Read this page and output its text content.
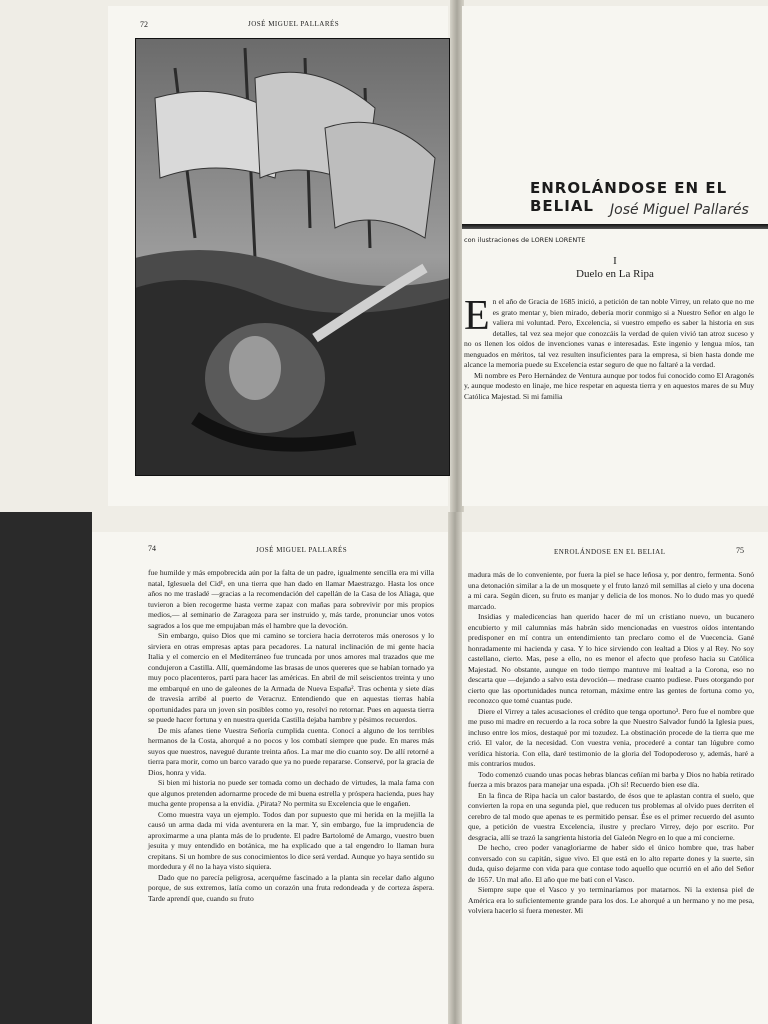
JOSÉ MIGUEL PALLARÉS
72
ENROLÁNDOSE EN EL BELIAL	José Miguel Pallarés
con ilustraciones de LOREN LORENTE
I
Duelo en La Ripa

En el año de Gracia de 1685 inició, a petición de tan noble Virrey, un relato que no me es grato mentar y, bien mirado, debería morir conmigo si a Nuestro Señor en algo le valiera mi voluntad. Pero, Excelencia, si vuestro empeño es saber la historia en sus detalles, tal vez sea mejor que conozcáis la verdad de quien vivió tan atroz suceso y no os llenen los oídos de invenciones vanas e interesadas. Este ingenio y lengua míos, tan menguados en méritos, tal vez resulten insuficientes para la empresa, si bien hasta donde me alcance la memoria puede su Excelencia estar seguro de que no faltaré a la verdad.

Mi nombre es Pero Hernández de Ventura aunque por todos fui conocido como El Aragonés y, aunque modesto en linaje, me hice respetar en aquesta tierra y en aquestos mares de su Muy Católica Majestad. Si mi familia

74	JOSÉ MIGUEL PALLARÉS

fue humilde y más empobrecida aún por la falta de un padre, igualmente sencilla era mi villa natal, Iglesuela del Cid¹, en una tierra que han dado en llamar Maestrazgo. Hasta los once años no me trasladé —gracias a la recomendación del capellán de la Casa de los Aliaga, que tuvieron a bien recogerme hasta verme zapaz con mañas para sobrevivir por mis propios medios,— al seminario de Zaragoza para ser instruido y, más tarde, pronunciar unos votos sagrados a los que me empujaban más el hambre que la devoción.

Sin embargo, quiso Dios que mi camino se torciera hacia derroteros más onerosos y lo sirviera en otras empresas aptas para pecadores. La natural inclinación de mi gente hacia Italia y el comercio en el Mediterráneo fue truncada por unos amores mal trazados que me condujeron a Castilla. Allí, quemándome las brasas de unos quereres que se habían tornado ya muy poco placenteros, partí para hacer las américas. En abril de mil seiscientos treinta y uno me embarqué en uno de galeones de la Armada de Nueva España². Tras ochenta y siete días de travesía arribé al puerto de Veracruz. Entendiendo que en aquestas tierras había oportunidades para un joven sin posibles como yo, resolví no retornar. Pues en aquesta tierra se puede hacer fortuna y en nuestra querida Castilla dejaba hambre y pésimos recuerdos.

De mis afanes tiene Vuestra Señoría cumplida cuenta. Conocí a alguno de los terribles hermanos de la Costa, ahorqué a no pocos y los combatí siempre que pude. En mares más suyos que nuestros, navegué durante treinta años. La mar me dio cuanto soy. De allí retorné a tierra para morir, como un barco varado que ya no puede repararse. Conservé, por la gracia de Dios, honra y vida.

Si bien mi historia no puede ser tomada como un dechado de virtudes, la mala fama con que algunos pretenden adornarme procede de mi buena estrella y próspera hacienda, pues hay mucha gente propensa a la envidia. ¿Pirata? No permita su Excelencia que le engañen.

Como muestra vaya un ejemplo. Todos dan por supuesto que mi herida en la mejilla la causó un arma dada mi vida aventurera en la mar. Y, sin embargo, fue la imprudencia de aproximarme a una planta más de lo prudente. El padre Bartolomé de Amargo, vuestro buen jesuita y muy entendido en botánica, me ha explicado que a tal engendro lo llaman hura crepitans. Si un hombre de sus conocimientos lo dice será verdad. Aunque yo haya sentido su mordedura y él no la haya visto siquiera.

Dado que no parecía peligrosa, acerquéme fascinado a la planta sin recelar daño alguno porque, de sus extremos, latía como un corazón una fruta redondeada y de corteza áspera. Tarde aprendí que, cuando su fruto

ENROLÁNDOSE EN EL BELIAL	75

madura más de lo conveniente, por fuera la piel se hace leñosa y, por dentro, fermenta. Sonó una detonación similar a la de un mosquete y el fruto lanzó mil semillas al cielo y una docena a mi cara. Según dicen, su fruto es manjar y delicia de los monos. No lo dudo mas yo quedé marcado.

Insidias y maledicencias han querido hacer de mí un cristiano nuevo, un bucanero encubierto y mil calumnias más habrán sido mencionadas en vuestros oídos intentando predisponer en mí contra un entendimiento tan preclaro como el de Vuecencia. Gané honradamente mi hacienda y casa. Y lo hice sirviendo con lealtad a Dios y al Rey. No soy castellano, cierto. Mas, pese a ello, no es menor el afecto que profeso hacia su Católica Majestad. No obstante, aunque en todo tiempo mantuve mi lealtad a la Corona, eso no descarta que —dejando a salvo esta devoción— medrase cuanto pudiese. Pues otorgando por cierto que las oportunidades nunca retornan, máxime entre las gentes de fortuna como yo, reconozco que tomé cuantas pude.

Diere el Virrey a tales acusaciones el crédito que tenga oportuno³. Pero fue el nombre que me puso mi madre en recuerdo a la roca sobre la que Nuestro Salvador fundó la Iglesia pues, incluso entre los míos, destaqué por mi tozudez. La obstinación procede de la tierra que me crió. El valor, de la necesidad. Con vuestra venia, procederé a contar tan lúgubre como verídica historia. Con ella, daré testimonio de la gloria del Todopoderoso y, además, haré a mis contrarios mudos.

Todo comenzó cuando unas pocas hebras blancas ceñían mi barba y Dios no había retirado fuerza a mis brazos para manejar una espada. ¡Oh sí! Recuerdo bien ese día.

En la finca de Ripa hacía un calor bastardo, de ésos que te aplastan contra el suelo, que convierten la ropa en una segunda piel, que reducen tus problemas al olvido pues derriten el cerebro de tal modo que apenas te es permitido pensar. Ése es el primer recuerdo del asunto que, a petición de vuestra Excelencia, ilustre y preclaro Virrey, dejo por escrito. Por desgracia, allí se trazó la sangrienta historia del Galeón Negro en lo que a mí concierne.

De hecho, creo poder vanagloriarme de haber sido el único hombre que, tras haber conversado con su capitán, sigue vivo. El que está en lo alto reparte dones y la suerte, sin duda, quiso dejarme con vida para que contase todo aquello que ocurrió en el año del Señor de 1657. Un mal año. El año que me batí con el Vasco.

Siempre supe que el Vasco y yo terminaríamos por matarnos. Ni la extensa piel de América era lo suficientemente grande para los dos. Le ahorqué a un hermano y no me pesa, volviera hacerlo si fuera menester. Mi
